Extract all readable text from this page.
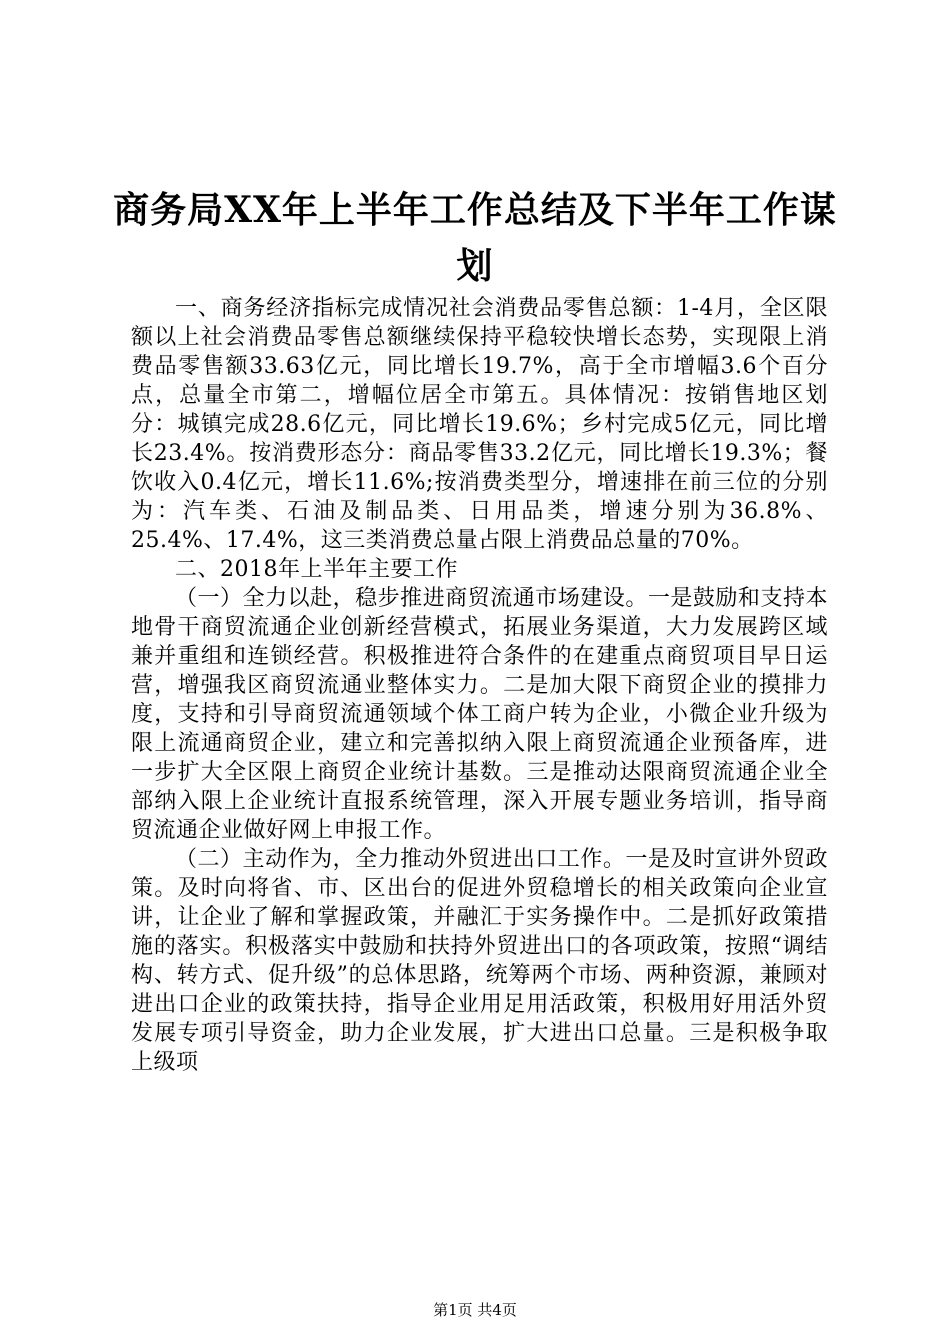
商务局XX年上半年工作总结及下半年工作谋划

一、商务经济指标完成情况社会消费品零售总额：1-4月，全区限额以上社会消费品零售总额继续保持平稳较快增长态势，实现限上消费品零售额33.63亿元，同比增长19.7%，高于全市增幅3.6个百分点，总量全市第二，增幅位居全市第五。具体情况：按销售地区划分：城镇完成28.6亿元，同比增长19.6%；乡村完成5亿元，同比增长23.4%。按消费形态分：商品零售33.2亿元，同比增长19.3%；餐饮收入0.4亿元，增长11.6%;按消费类型分，增速排在前三位的分别为：汽车类、石油及制品类、日用品类，增速分别为36.8%、25.4%、17.4%，这三类消费总量占限上消费品总量的70%。

二、2018年上半年主要工作

（一）全力以赴，稳步推进商贸流通市场建设。一是鼓励和支持本地骨干商贸流通企业创新经营模式，拓展业务渠道，大力发展跨区域兼并重组和连锁经营。积极推进符合条件的在建重点商贸项目早日运营，增强我区商贸流通业整体实力。二是加大限下商贸企业的摸排力度，支持和引导商贸流通领域个体工商户转为企业，小微企业升级为限上流通商贸企业，建立和完善拟纳入限上商贸流通企业预备库，进一步扩大全区限上商贸企业统计基数。三是推动达限商贸流通企业全部纳入限上企业统计直报系统管理，深入开展专题业务培训，指导商贸流通企业做好网上申报工作。

（二）主动作为，全力推动外贸进出口工作。一是及时宣讲外贸政策。及时向将省、市、区出台的促进外贸稳增长的相关政策向企业宣讲，让企业了解和掌握政策，并融汇于实务操作中。二是抓好政策措施的落实。积极落实中鼓励和扶持外贸进出口的各项政策，按照“调结构、转方式、促升级”的总体思路，统筹两个市场、两种资源，兼顾对进出口企业的政策扶持，指导企业用足用活政策，积极用好用活外贸发展专项引导资金，助力企业发展，扩大进出口总量。三是积极争取上级项

第1页 共4页
